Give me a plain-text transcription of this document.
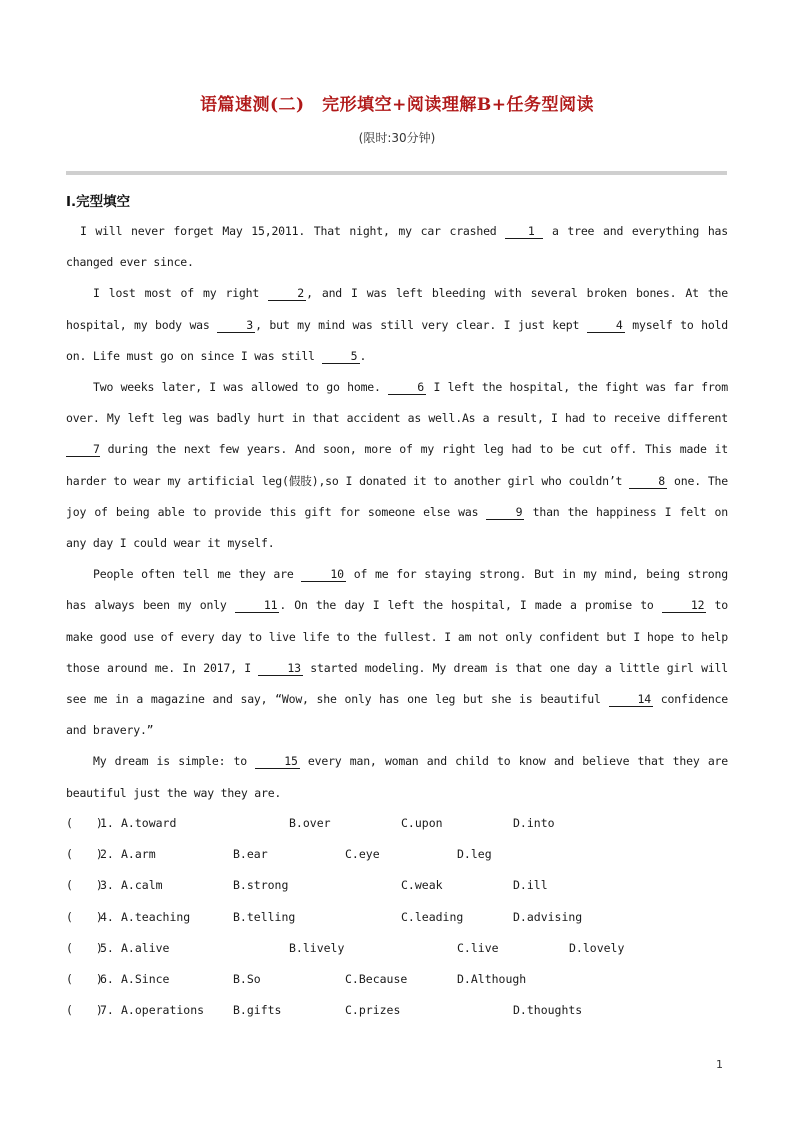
语篇速测(二)　完形填空+阅读理解B+任务型阅读
(限时:30分钟)
Ⅰ.完型填空

I will never forget May 15,2011. That night, my car crashed 1 a tree and everything has changed ever since.

I lost most of my right	2 , and I was left bleeding with several broken bones. At the hospital, my body was	3 , but my mind was still very clear. I just kept	4 myself to hold on. Life must go on since I was still	5 .

Two weeks later, I was allowed to go home.	6 I left the hospital, the fight was far from over. My left leg was badly hurt in that accident as well.As a result, I had to receive different 7 during the next few years. And soon, more of my right leg had to be cut off. This made it harder to wear my artificial leg(假肢),so I donated it to another girl who couldn’t	8 one. The joy of being able to provide this gift for someone else was	9 than the happiness I felt on any day I could wear it myself.

People often tell me they are	10 of me for staying strong. But in my mind, being strong has always been my only	11 . On the day I left the hospital, I made a promise to	12 to make good use of every day to live life to the fullest. I am not only confident but I hope to help those around me. In 2017, I	13 started modeling. My dream is that one day a little girl will see me in a magazine and say, “Wow, she only has one leg but she is beautiful	14 confidence and bravery.”

My dream is simple: to	15 every man, woman and child to know and believe that they are beautiful just the way they are.

(　　)
1. A.toward	B.over	C.upon	D.into
(　　)
2. A.arm	B.ear	C.eye	D.leg
(　　)
3. A.calm	B.strong	C.weak	D.ill
(　　)
4. A.teaching	B.telling	C.leading	D.advising
(　　)
5. A.alive	B.lively	C.live	D.lovely
(　　)
6. A.Since	B.So	C.Because	D.Although
(　　)
7. A.operations	B.gifts	C.prizes	D.thoughts
1
